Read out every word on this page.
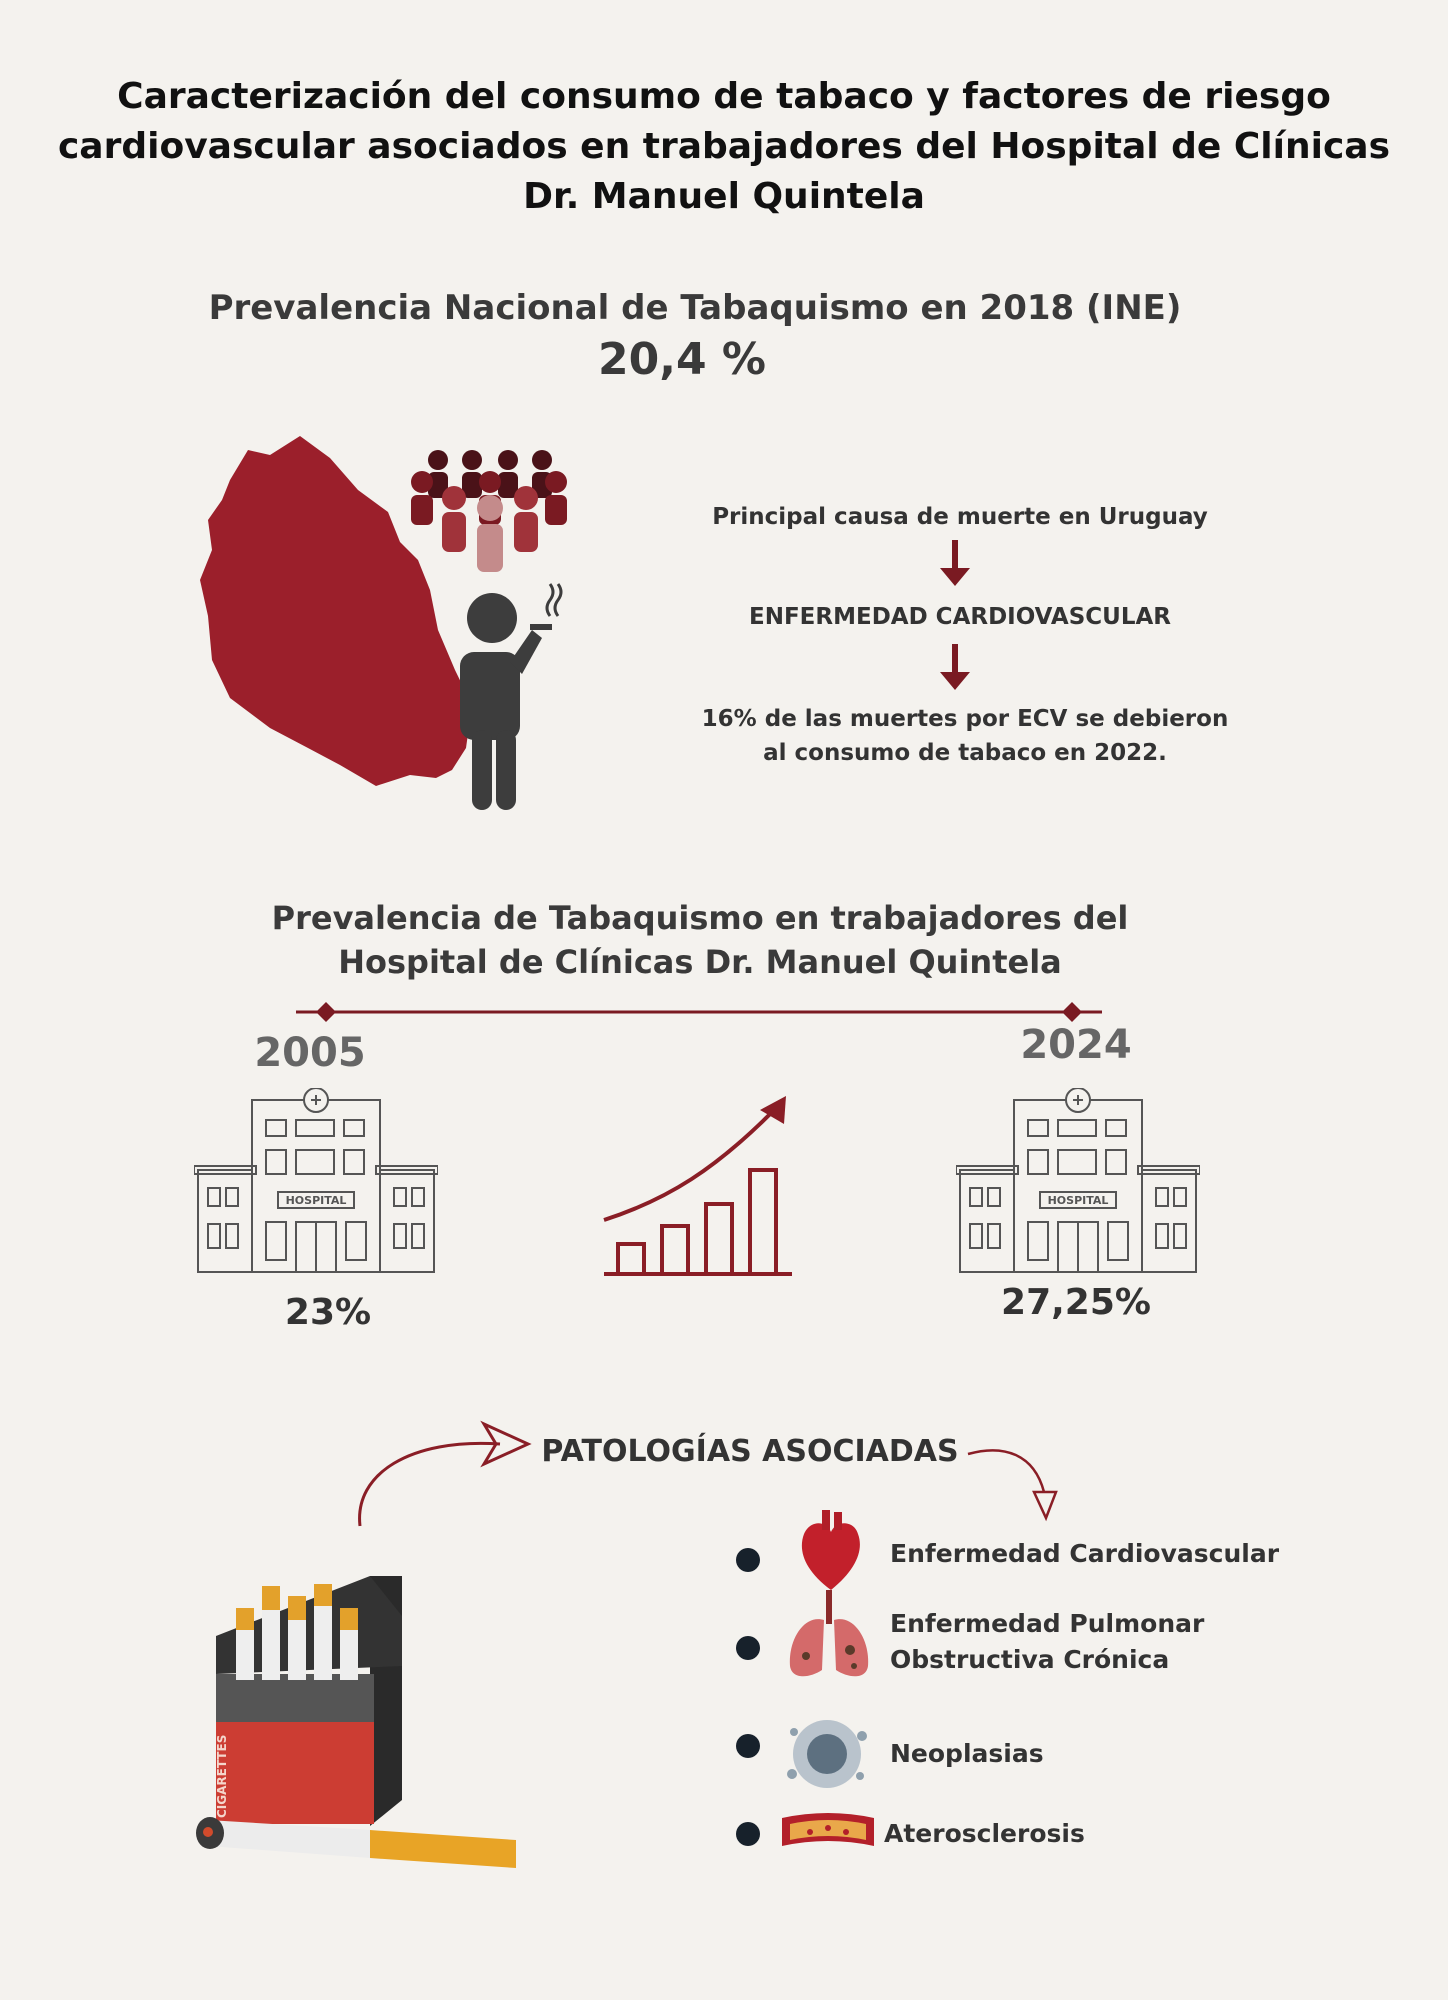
Caracterización del consumo de tabaco y factores de riesgo cardiovascular asociados en trabajadores del Hospital de Clínicas Dr. Manuel Quintela
Prevalencia Nacional de Tabaquismo en 2018 (INE)
20,4 %
Principal causa de muerte en Uruguay
ENFERMEDAD CARDIOVASCULAR
16% de las muertes por ECV se debieron al consumo de tabaco en 2022.
Prevalencia de Tabaquismo en trabajadores del Hospital de Clínicas Dr. Manuel Quintela
2005	2024
HOSPITAL	HOSPITAL
23%	27,25%
PATOLOGÍAS ASOCIADAS
CIGARETTES
Enfermedad Cardiovascular
Enfermedad Pulmonar Obstructiva Crónica
Neoplasias
Aterosclerosis
